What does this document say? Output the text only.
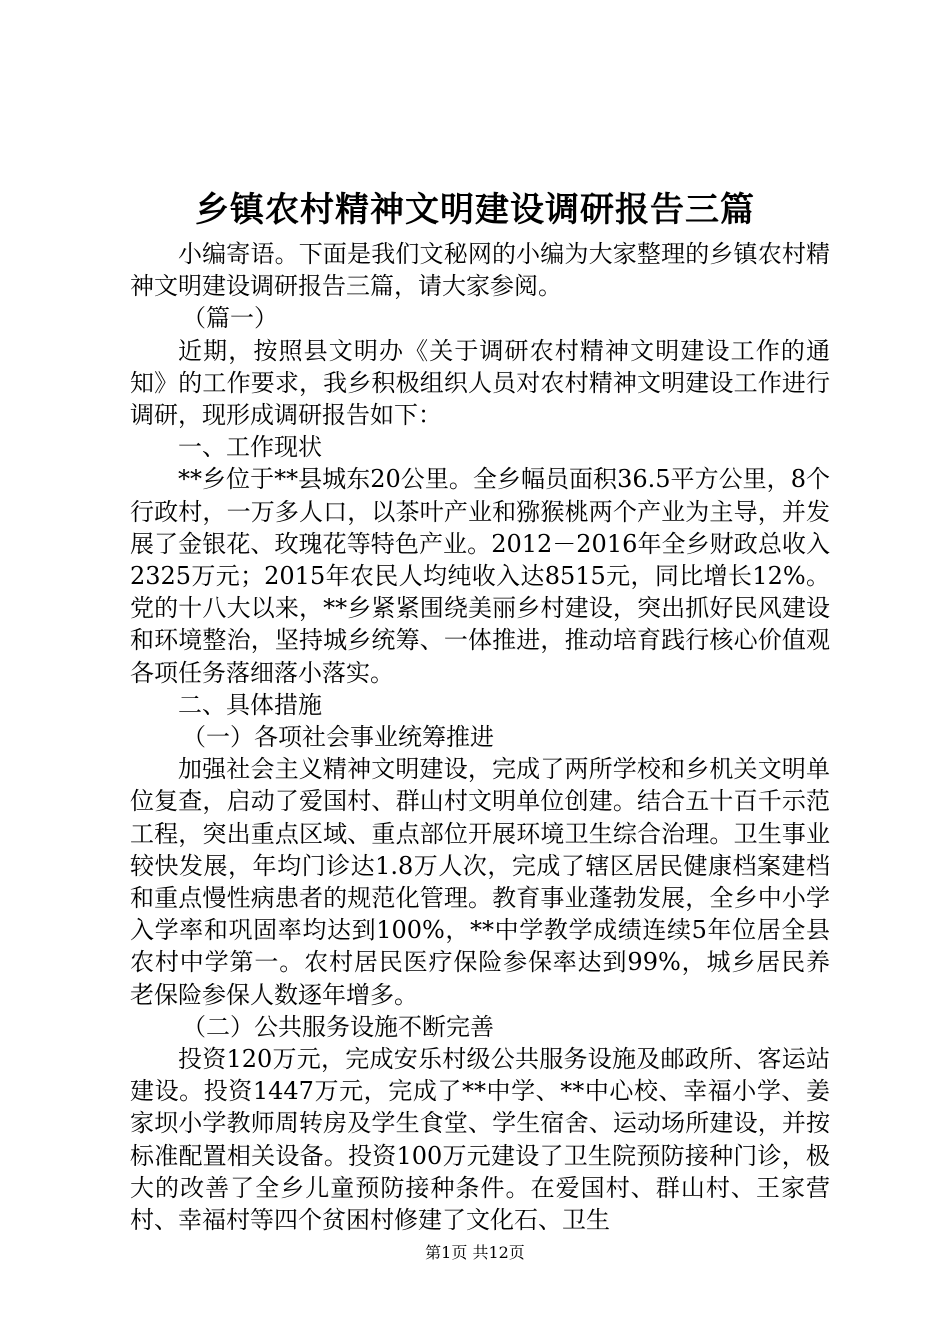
乡镇农村精神文明建设调研报告三篇

小编寄语。下面是我们文秘网的小编为大家整理的乡镇农村精神文明建设调研报告三篇，请大家参阅。

（篇一）

近期，按照县文明办《关于调研农村精神文明建设工作的通知》的工作要求，我乡积极组织人员对农村精神文明建设工作进行调研，现形成调研报告如下：

一、工作现状

**乡位于**县城东20公里。全乡幅员面积36.5平方公里，8个行政村，一万多人口，以茶叶产业和猕猴桃两个产业为主导，并发展了金银花、玫瑰花等特色产业。2012－2016年全乡财政总收入2325万元；2015年农民人均纯收入达8515元，同比增长12%。党的十八大以来，**乡紧紧围绕美丽乡村建设，突出抓好民风建设和环境整治，坚持城乡统筹、一体推进，推动培育践行核心价值观各项任务落细落小落实。

二、具体措施

（一）各项社会事业统筹推进

加强社会主义精神文明建设，完成了两所学校和乡机关文明单位复查，启动了爱国村、群山村文明单位创建。结合五十百千示范工程，突出重点区域、重点部位开展环境卫生综合治理。卫生事业较快发展，年均门诊达1.8万人次，完成了辖区居民健康档案建档和重点慢性病患者的规范化管理。教育事业蓬勃发展，全乡中小学入学率和巩固率均达到100%，**中学教学成绩连续5年位居全县农村中学第一。农村居民医疗保险参保率达到99%，城乡居民养老保险参保人数逐年增多。

（二）公共服务设施不断完善

投资120万元，完成安乐村级公共服务设施及邮政所、客运站建设。投资1447万元，完成了**中学、**中心校、幸福小学、姜家坝小学教师周转房及学生食堂、学生宿舍、运动场所建设，并按标准配置相关设备。投资100万元建设了卫生院预防接种门诊，极大的改善了全乡儿童预防接种条件。在爱国村、群山村、王家营村、幸福村等四个贫困村修建了文化石、卫生

第1页 共12页
